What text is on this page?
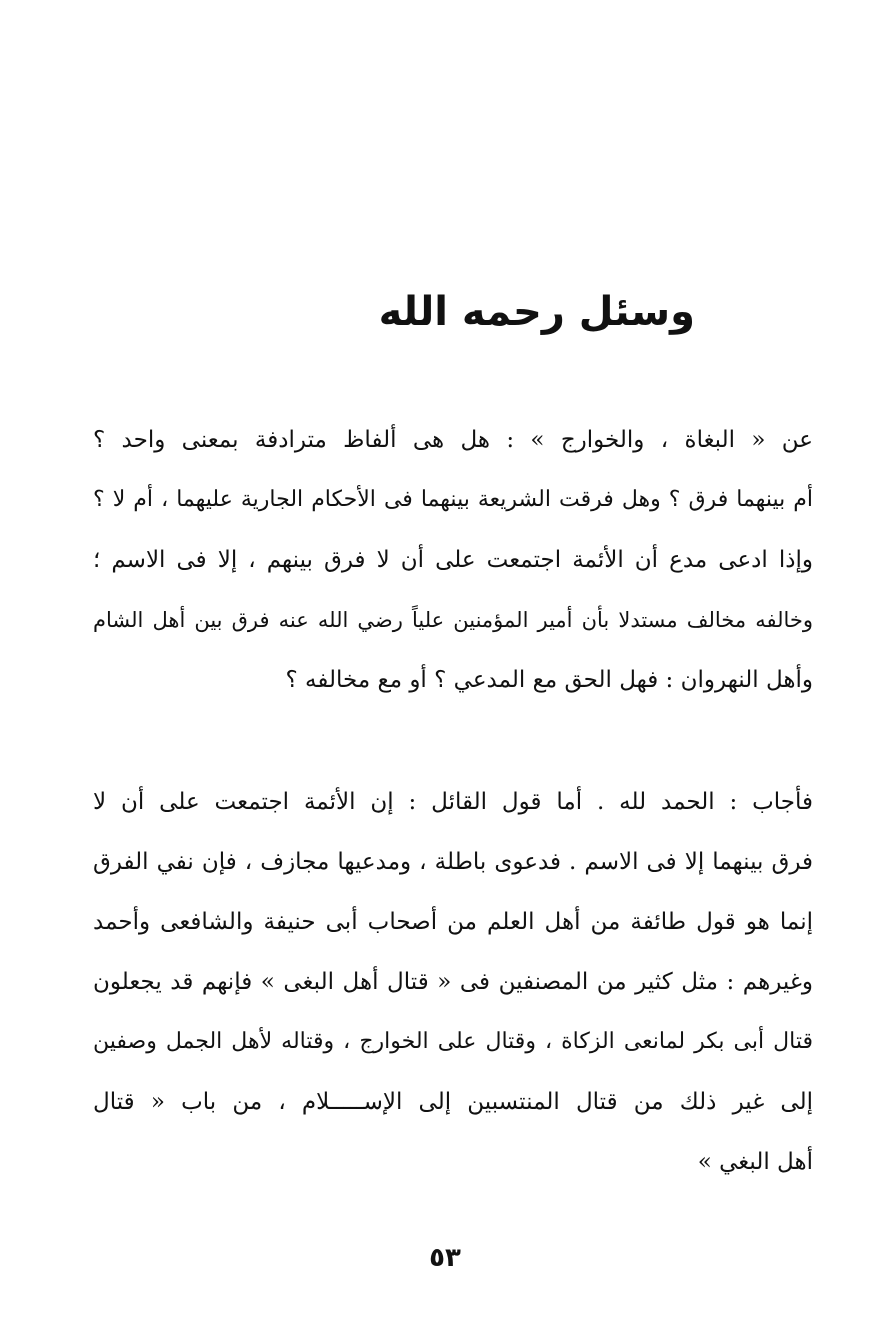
وسئل رحمه الله
عن « البغاة ، والخوارج » : هل هى ألفاظ مترادفة بمعنى واحد ؟
أم بينهما فرق ؟ وهل فرقت الشريعة بينهما فى الأحكام الجارية عليهما ، أم لا ؟
وإذا ادعى مدع أن الأئمة اجتمعت على أن لا فرق بينهم ، إلا فى الاسم ؛
وخالفه مخالف مستدلا بأن أمير المؤمنين علياً رضي الله عنه فرق بين أهل الشام
وأهل النهروان : فهل الحق مع المدعي ؟ أو مع مخالفه ؟
فأجاب : الحمد لله . أما قول القائل : إن الأئمة اجتمعت على أن لا
فرق بينهما إلا فى الاسم . فدعوى باطلة ، ومدعيها مجازف ، فإن نفي الفرق
إنما هو قول طائفة من أهل العلم من أصحاب أبى حنيفة والشافعى وأحمد
وغيرهم : مثل كثير من المصنفين فى « قتال أهل البغى » فإنهم قد يجعلون
قتال أبى بكر لمانعى الزكاة ، وقتال على الخوارج ، وقتاله لأهل الجمل وصفين
إلى غير ذلك من قتال المنتسبين إلى الإســـــلام ، من باب « قتال
أهل البغي »
٥٣
